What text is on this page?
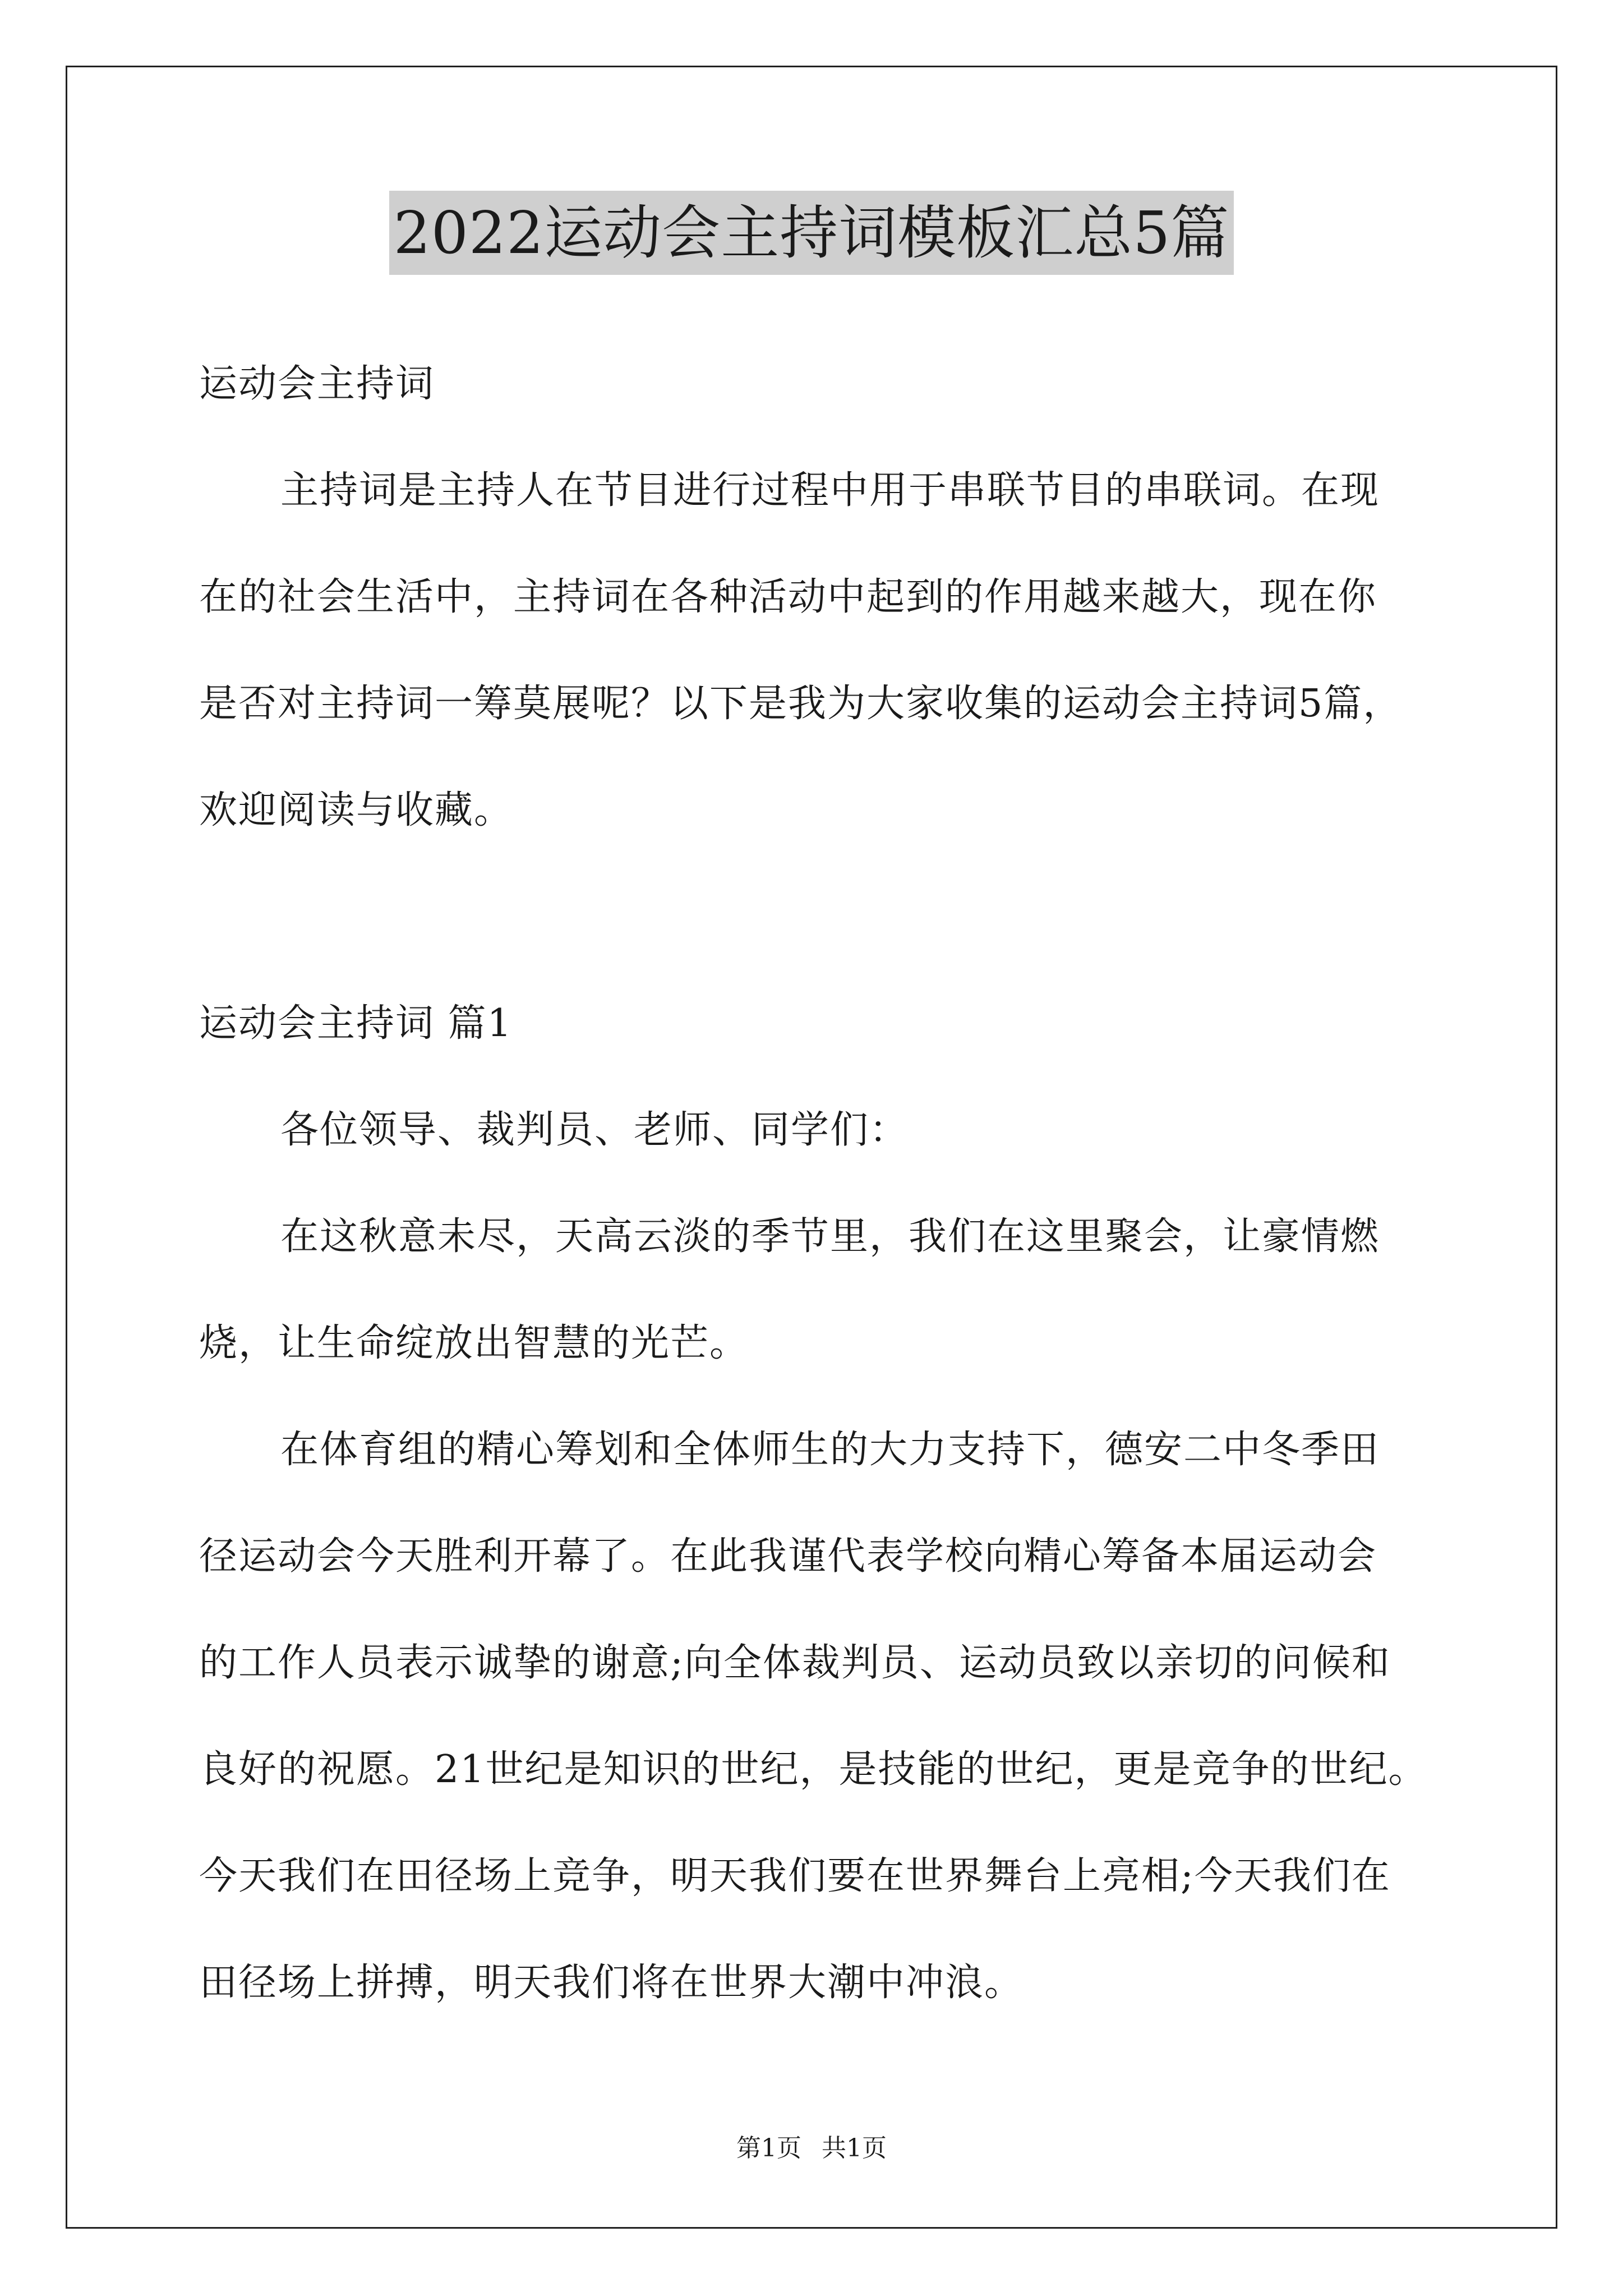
2022运动会主持词模板汇总5篇
运动会主持词
主持词是主持人在节目进行过程中用于串联节目的串联词。在现
在的社会生活中，主持词在各种活动中起到的作用越来越大，现在你
是否对主持词一筹莫展呢？以下是我为大家收集的运动会主持词5篇，
欢迎阅读与收藏。
运动会主持词 篇1
各位领导、裁判员、老师、同学们：
在这秋意未尽，天高云淡的季节里，我们在这里聚会，让豪情燃
烧，让生命绽放出智慧的光芒。
在体育组的精心筹划和全体师生的大力支持下，德安二中冬季田
径运动会今天胜利开幕了。在此我谨代表学校向精心筹备本届运动会
的工作人员表示诚挚的谢意;向全体裁判员、运动员致以亲切的问候和
良好的祝愿。21世纪是知识的世纪，是技能的世纪，更是竞争的世纪。
今天我们在田径场上竞争，明天我们要在世界舞台上亮相;今天我们在
田径场上拼搏，明天我们将在世界大潮中冲浪。
第1页 共1页
